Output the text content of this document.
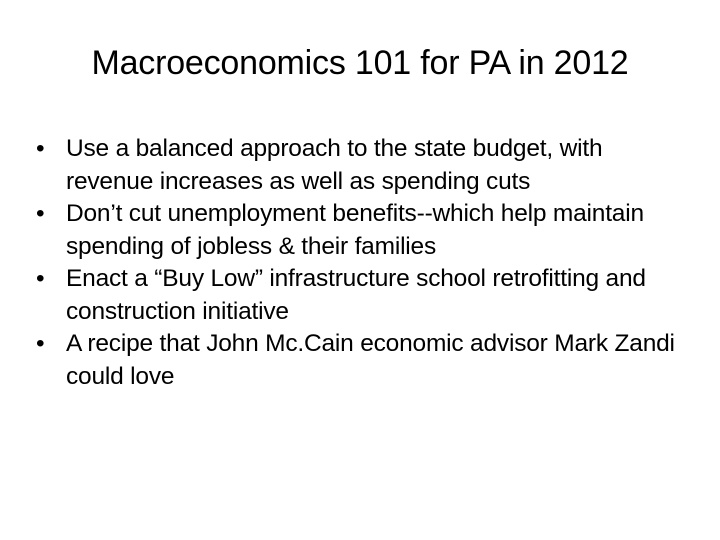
Macroeconomics 101 for PA in 2012
• Use a balanced approach to the state budget, with revenue increases as well as spending cuts
• Don’t cut unemployment benefits--which help maintain spending of jobless & their families
• Enact a “Buy Low” infrastructure school retrofitting and construction initiative
• A recipe that John Mc.Cain economic advisor Mark Zandi could love
